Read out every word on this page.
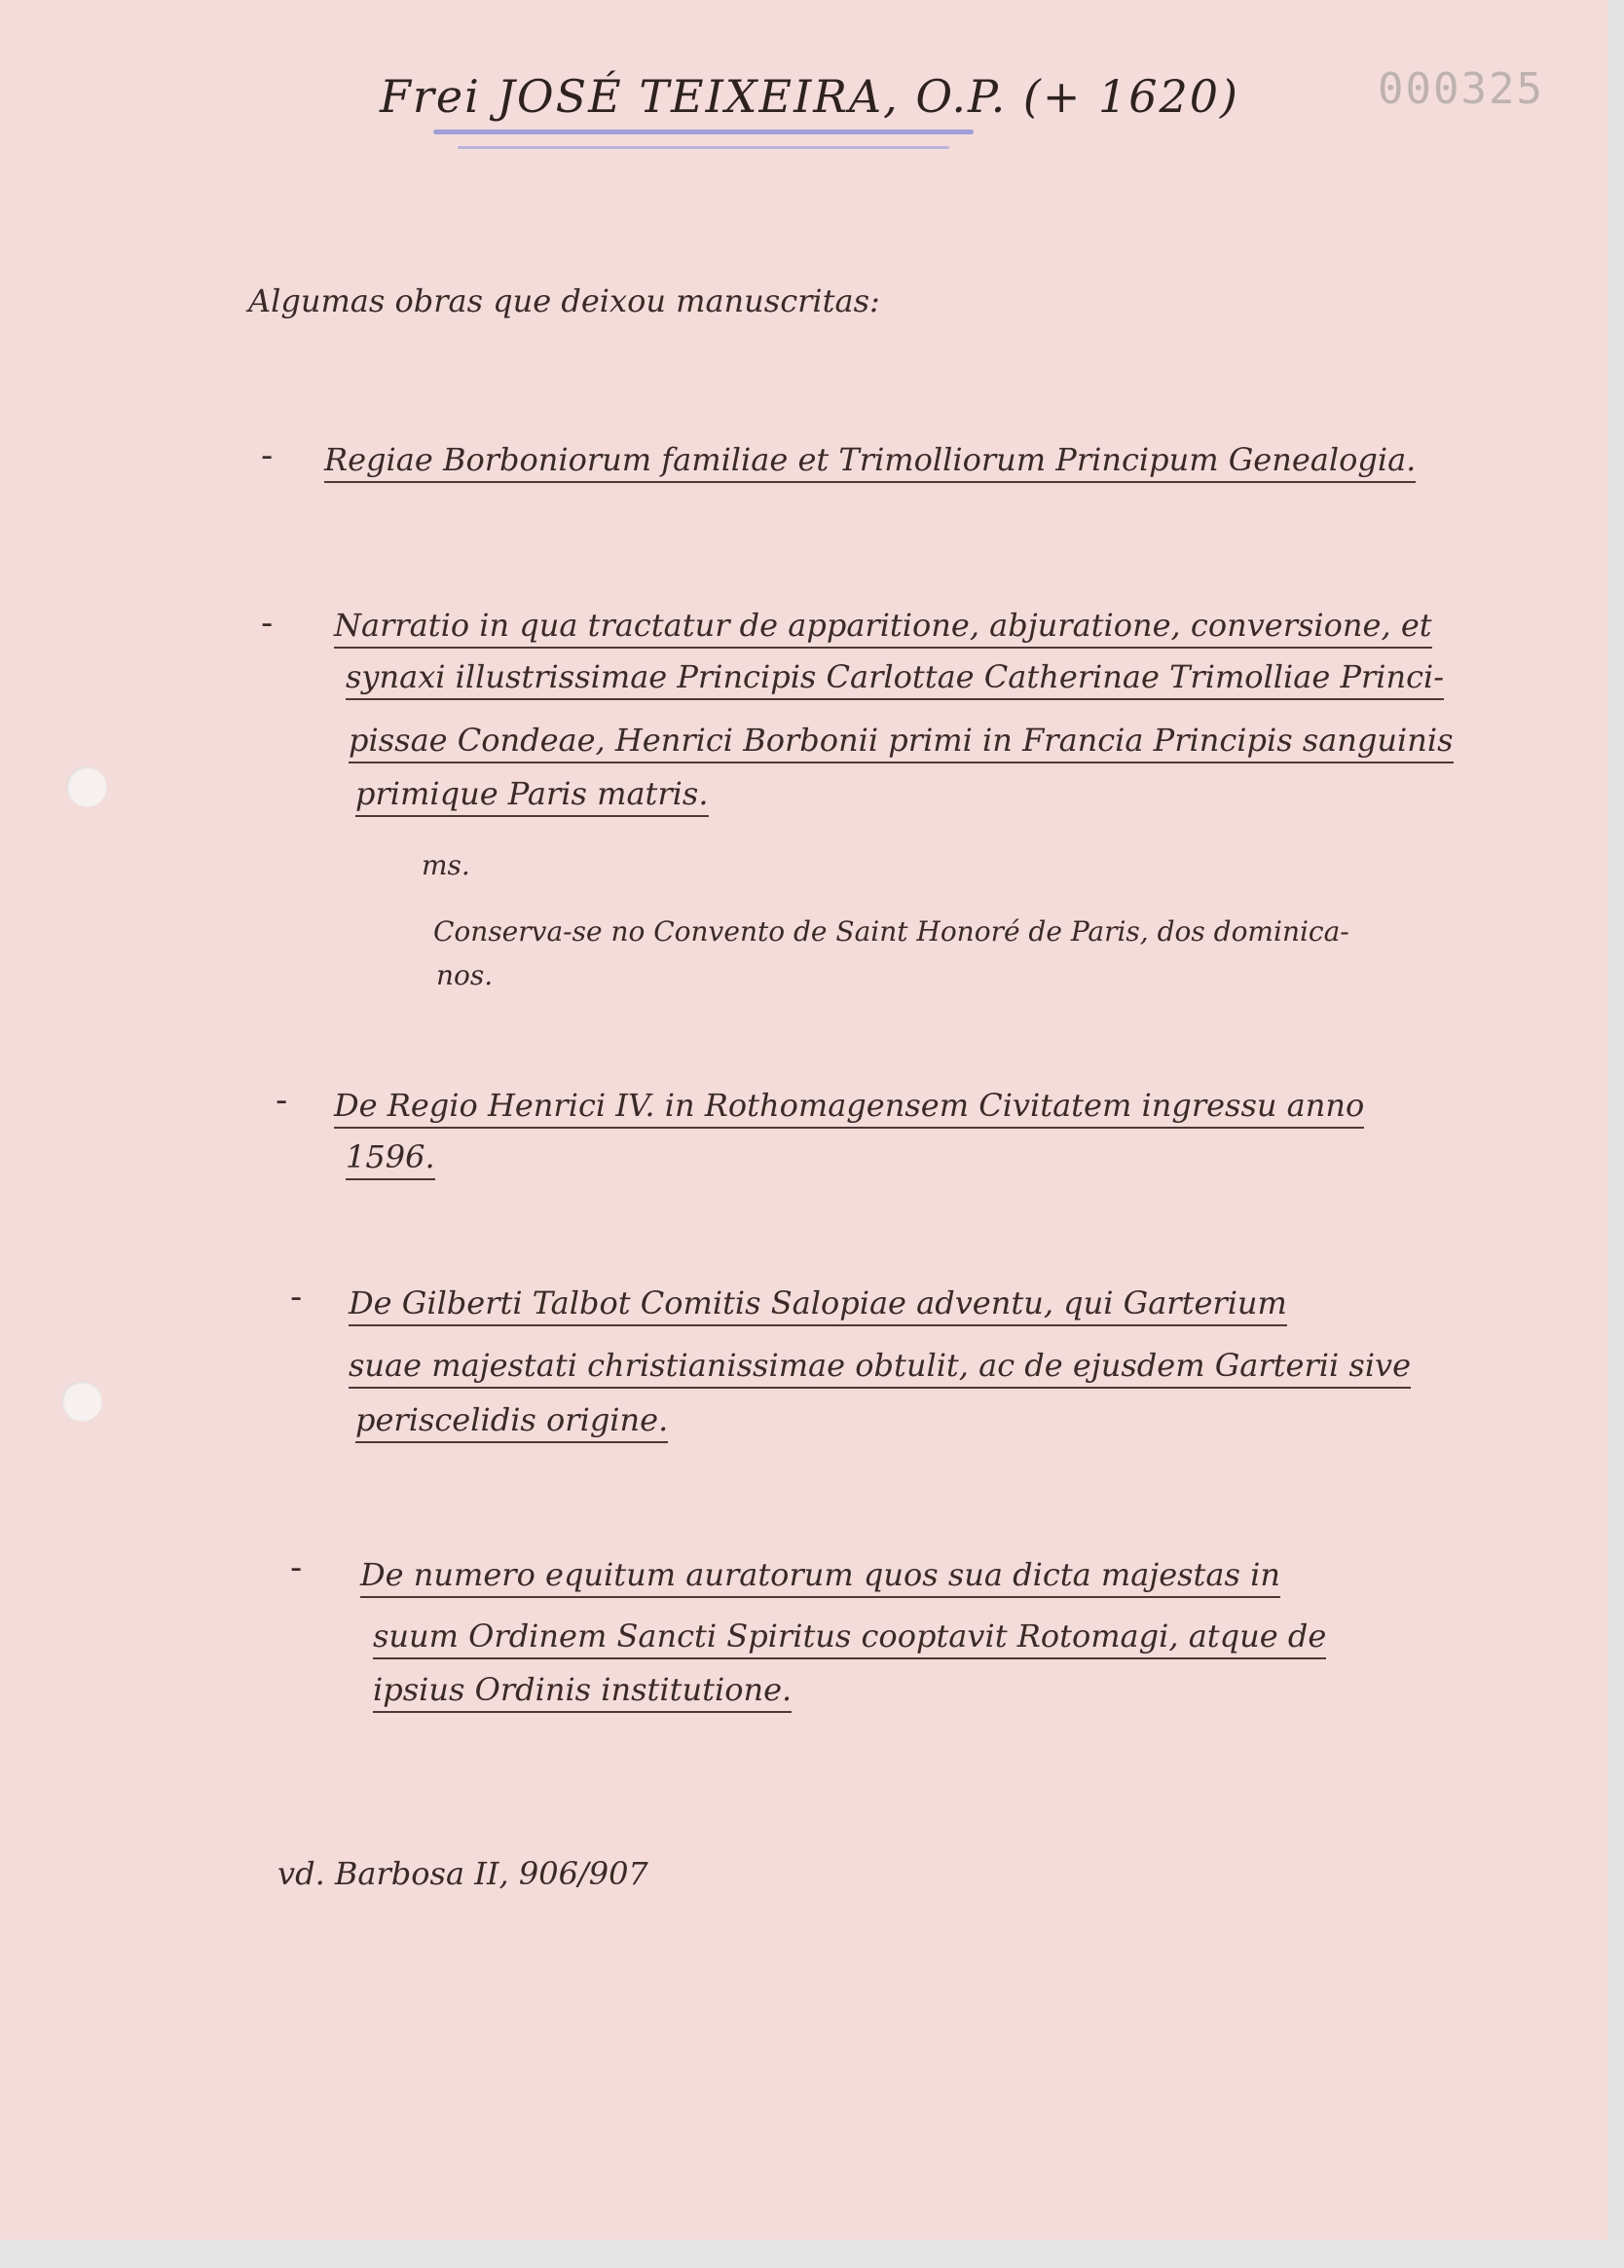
000325
Frei JOSÉ TEIXEIRA, O.P. (+ 1620)
Algumas obras que deixou manuscritas:
- Regiae Borboniorum familiae et Trimolliorum Principum Genealogia.
- Narratio in qua tractatur de apparitione, abjuratione, conversione, et
synaxi illustrissimae Principis Carlottae Catherinae Trimolliae Princi-
pissae Condeae, Henrici Borbonii primi in Francia Principis sanguinis
primique Paris matris.
ms.
Conserva-se no Convento de Saint Honoré de Paris, dos dominica-
nos.
- De Regio Henrici IV. in Rothomagensem Civitatem ingressu anno
1596.
- De Gilberti Talbot Comitis Salopiae adventu, qui Garterium
suae majestati christianissimae obtulit, ac de ejusdem Garterii sive
periscelidis origine.
- De numero equitum auratorum quos sua dicta majestas in
suum Ordinem Sancti Spiritus cooptavit Rotomagi, atque de
ipsius Ordinis institutione.
vd. Barbosa II, 906/907
